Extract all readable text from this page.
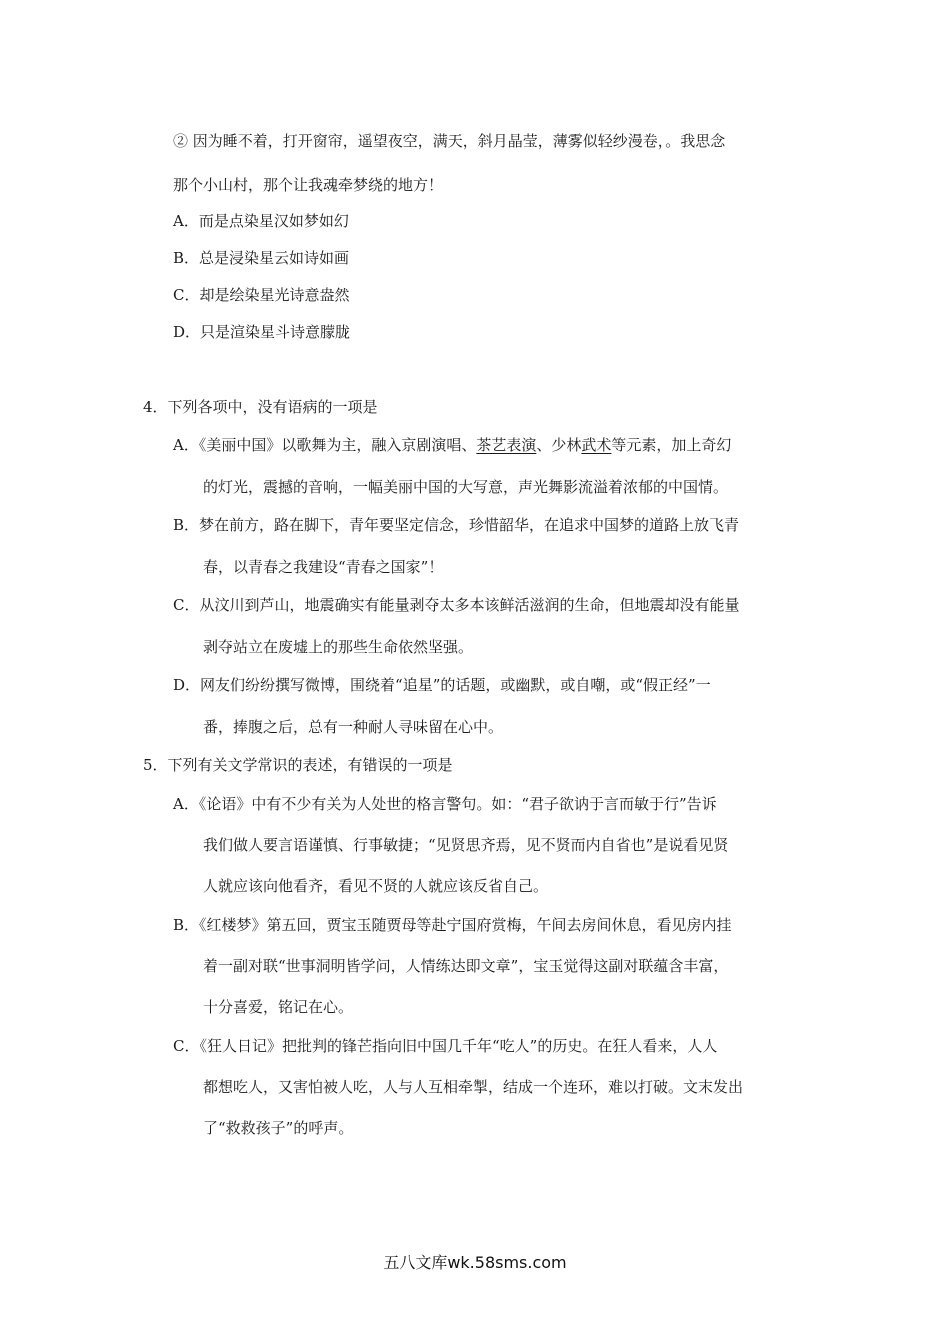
② 因为睡不着，打开窗帘，遥望夜空，满天，斜月晶莹，薄雾似轻纱漫卷，。我思念
那个小山村，那个让我魂牵梦绕的地方！
A．而是点染星汉如梦如幻
B．总是浸染星云如诗如画
C．却是绘染星光诗意盎然
D．只是渲染星斗诗意朦胧
4．下列各项中，没有语病的一项是
A．《美丽中国》以歌舞为主，融入京剧演唱、茶艺表演、少林武术等元素，加上奇幻
的灯光，震撼的音响，一幅美丽中国的大写意，声光舞影流溢着浓郁的中国情。
B．梦在前方，路在脚下，青年要坚定信念，珍惜韶华，在追求中国梦的道路上放飞青
春，以青春之我建设“青春之国家”！
C．从汶川到芦山，地震确实有能量剥夺太多本该鲜活滋润的生命，但地震却没有能量
剥夺站立在废墟上的那些生命依然坚强。
D．网友们纷纷撰写微博，围绕着“追星”的话题，或幽默，或自嘲，或“假正经”一
番，捧腹之后，总有一种耐人寻味留在心中。
5．下列有关文学常识的表述，有错误的一项是
A．《论语》中有不少有关为人处世的格言警句。如：“君子欲讷于言而敏于行”告诉
我们做人要言语谨慎、行事敏捷；“见贤思齐焉，见不贤而内自省也”是说看见贤
人就应该向他看齐，看见不贤的人就应该反省自己。
B．《红楼梦》第五回，贾宝玉随贾母等赴宁国府赏梅，午间去房间休息，看见房内挂
着一副对联“世事洞明皆学问，人情练达即文章”，宝玉觉得这副对联蕴含丰富，
十分喜爱，铭记在心。
C．《狂人日记》把批判的锋芒指向旧中国几千年“吃人”的历史。在狂人看来，人人
都想吃人，又害怕被人吃，人与人互相牵掣，结成一个连环，难以打破。文末发出
了“救救孩子”的呼声。
五八文库wk.58sms.com
